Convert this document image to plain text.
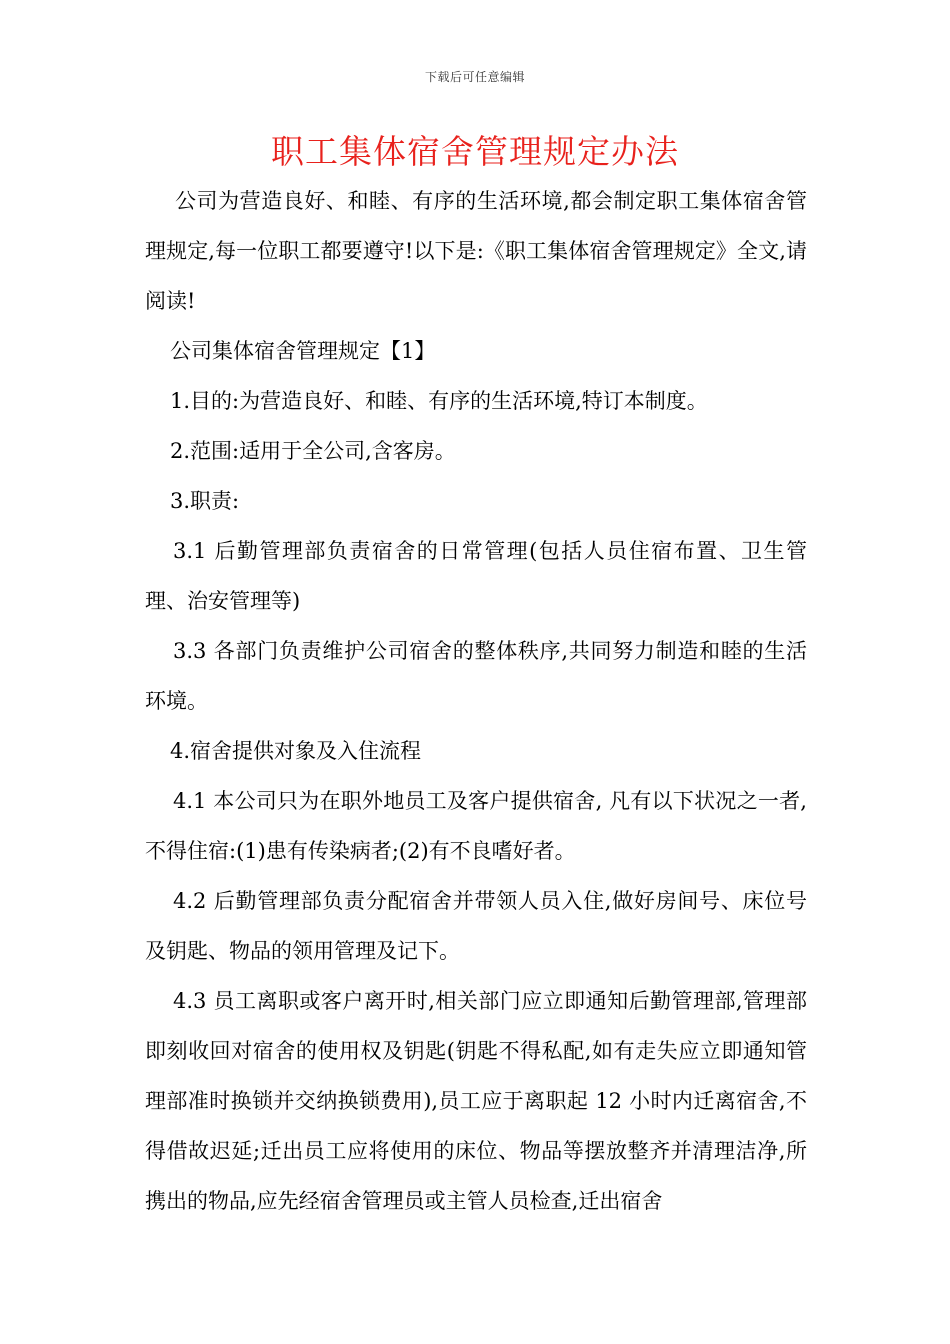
下载后可任意编辑
职工集体宿舍管理规定办法

公司为营造良好、和睦、有序的生活环境,都会制定职工集体宿舍管理规定,每一位职工都要遵守!以下是:《职工集体宿舍管理规定》全文,请阅读!

公司集体宿舍管理规定【1】

1.目的:为营造良好、和睦、有序的生活环境,特订本制度。

2.范围:适用于全公司,含客房。

3.职责:

3.1 后勤管理部负责宿舍的日常管理(包括人员住宿布置、卫生管理、治安管理等)

3.3 各部门负责维护公司宿舍的整体秩序,共同努力制造和睦的生活环境。

4.宿舍提供对象及入住流程

4.1 本公司只为在职外地员工及客户提供宿舍, 凡有以下状况之一者,不得住宿:(1)患有传染病者;(2)有不良嗜好者。

4.2 后勤管理部负责分配宿舍并带领人员入住,做好房间号、床位号及钥匙、物品的领用管理及记下。

4.3 员工离职或客户离开时,相关部门应立即通知后勤管理部,管理部即刻收回对宿舍的使用权及钥匙(钥匙不得私配,如有走失应立即通知管理部准时换锁并交纳换锁费用),员工应于离职起 12 小时内迁离宿舍,不得借故迟延;迁出员工应将使用的床位、物品等摆放整齐并清理洁净,所携出的物品,应先经宿舍管理员或主管人员检查,迁出宿舍
